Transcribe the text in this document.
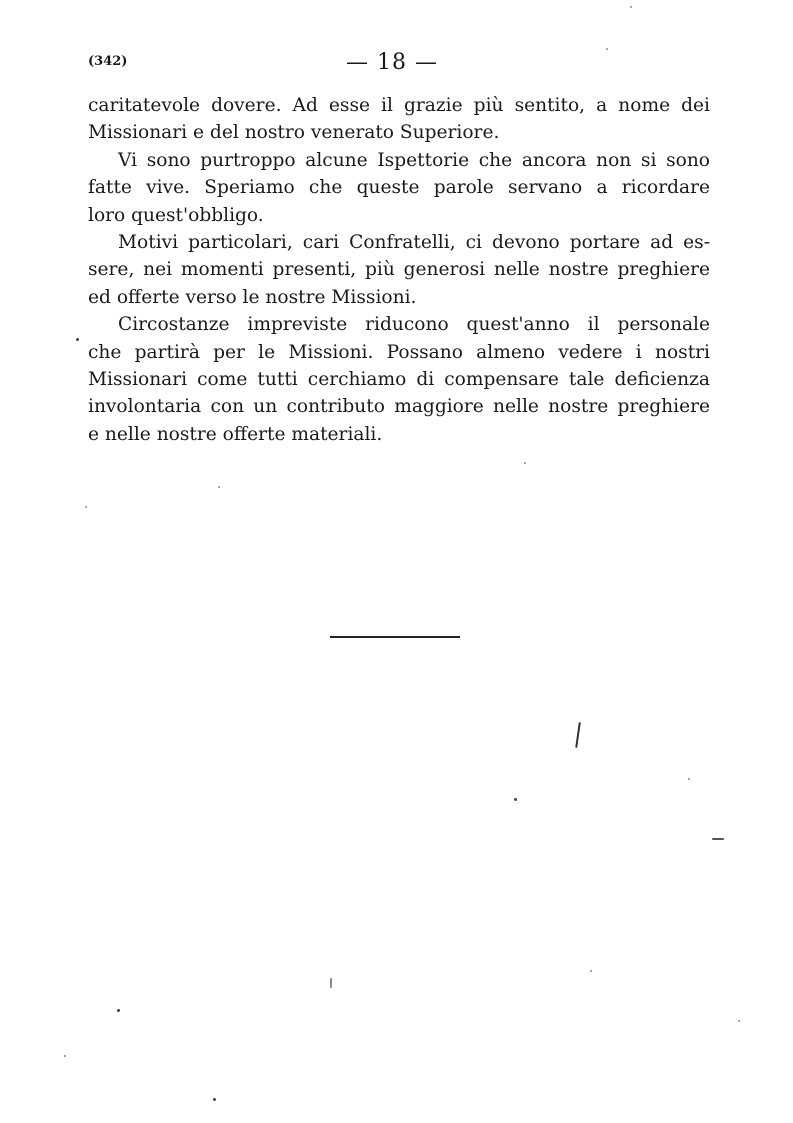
(342)	— 18 —
caritatevole dovere. Ad esse il grazie più sentito, a nome dei
Missionari e del nostro venerato Superiore.
Vi sono purtroppo alcune Ispettorie che ancora non si sono
fatte vive. Speriamo che queste parole servano a ricordare
loro quest'obbligo.
Motivi particolari, cari Confratelli, ci devono portare ad es-
sere, nei momenti presenti, più generosi nelle nostre preghiere
ed offerte verso le nostre Missioni.
Circostanze impreviste riducono quest'anno il personale
che partirà per le Missioni. Possano almeno vedere i nostri
Missionari come tutti cerchiamo di compensare tale deficienza
involontaria con un contributo maggiore nelle nostre preghiere
e nelle nostre offerte materiali.
